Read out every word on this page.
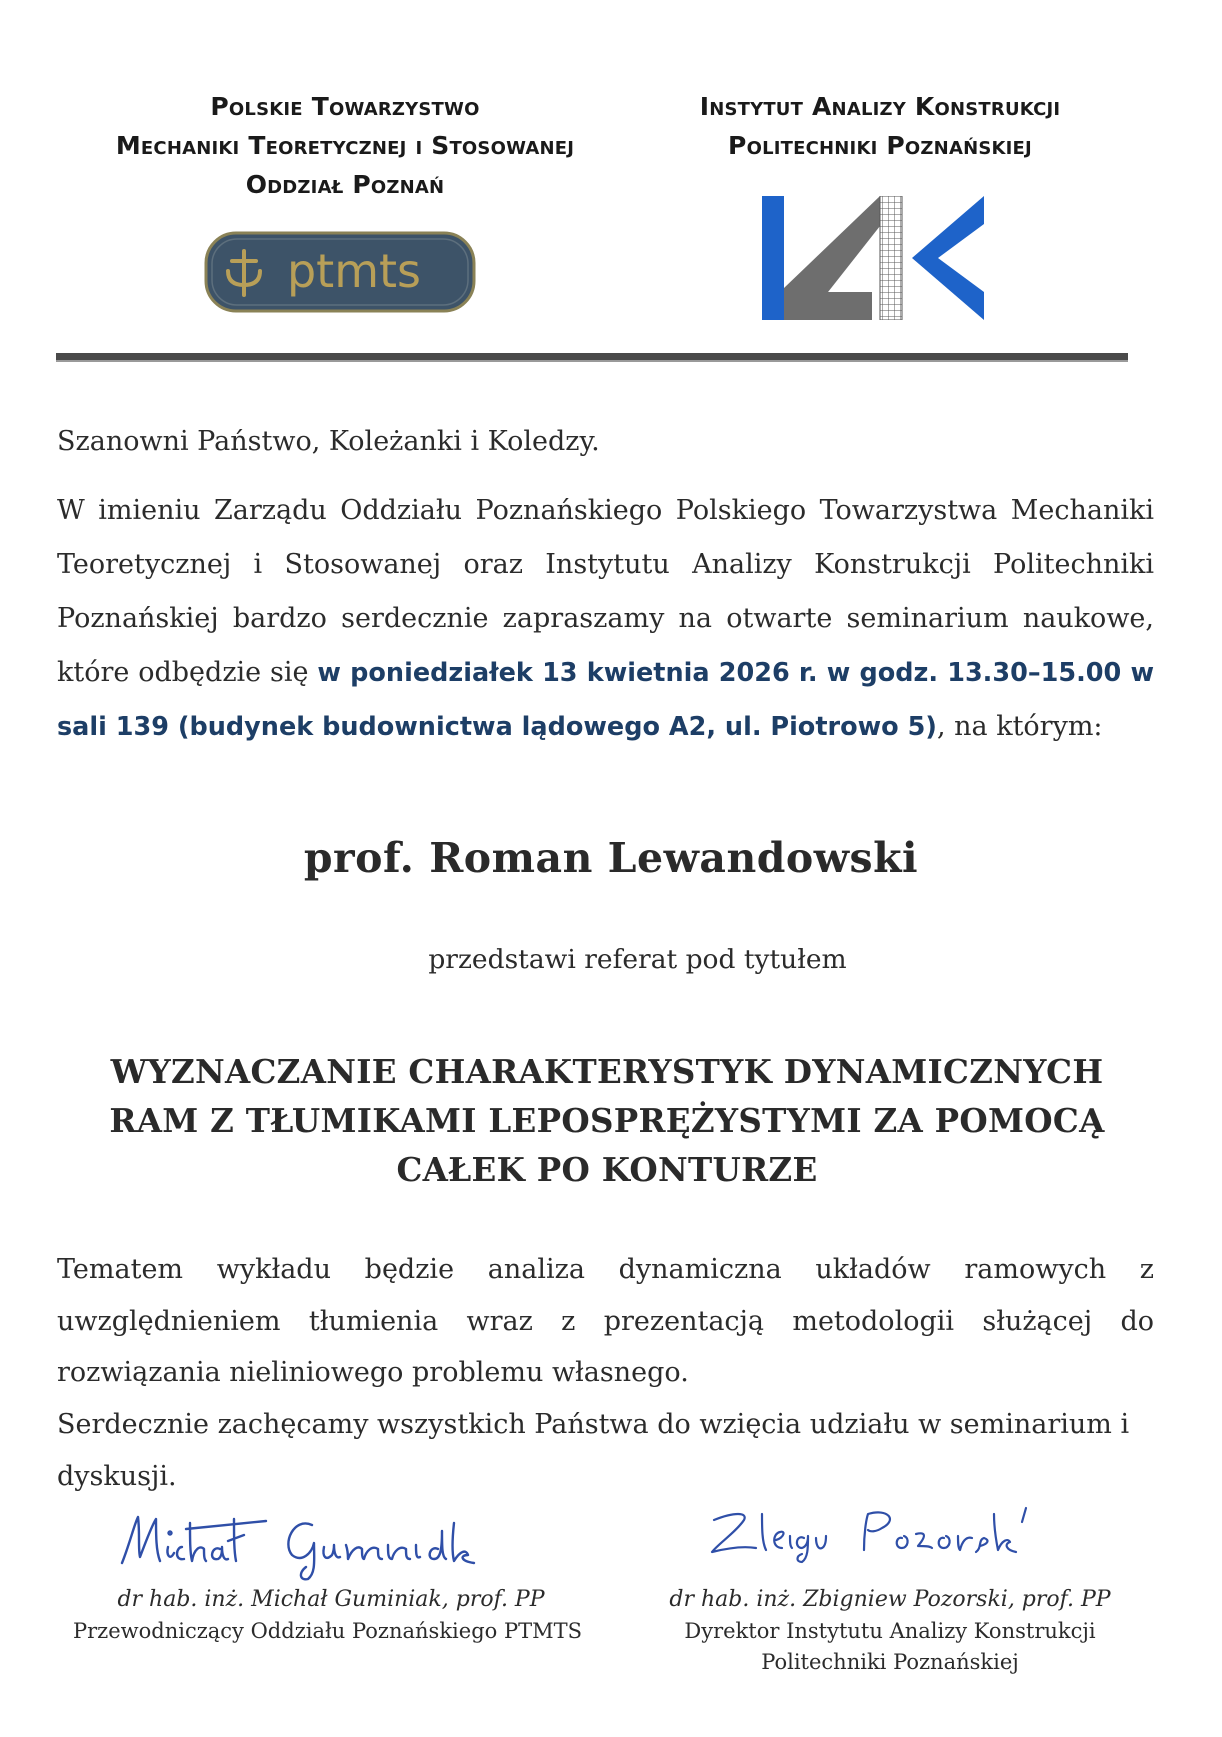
Polskie Towarzystwo
Mechaniki Teoretycznej i Stosowanej
Oddział Poznań
Instytut Analizy Konstrukcji
Politechniki Poznańskiej
ptmts

Szanowni Państwo, Koleżanki i Koledzy.

W imieniu Zarządu Oddziału Poznańskiego Polskiego Towarzystwa Mechaniki Teoretycznej i Stosowanej oraz Instytutu Analizy Konstrukcji Politechniki Poznańskiej bardzo serdecznie zapraszamy na otwarte seminarium naukowe, które odbędzie się w poniedziałek 13 kwietnia 2026 r. w godz. 13.30–15.00 w sali 139 (budynek budownictwa lądowego A2, ul. Piotrowo 5), na którym:

prof. Roman Lewandowski
przedstawi referat pod tytułem
WYZNACZANIE CHARAKTERYSTYK DYNAMICZNYCH
RAM Z TŁUMIKAMI LEPOSPRĘŻYSTYMI ZA POMOCĄ
CAŁEK PO KONTURZE

Tematem wykładu będzie analiza dynamiczna układów ramowych z uwzględnieniem tłumienia wraz z prezentacją metodologii służącej do rozwiązania nieliniowego problemu własnego.

Serdecznie zachęcamy wszystkich Państwa do wzięcia udziału w seminarium i dyskusji.

dr hab. inż. Michał Guminiak, prof. PP
Przewodniczący Oddziału Poznańskiego PTMTS
dr hab. inż. Zbigniew Pozorski, prof. PP
Dyrektor Instytutu Analizy Konstrukcji
Politechniki Poznańskiej
